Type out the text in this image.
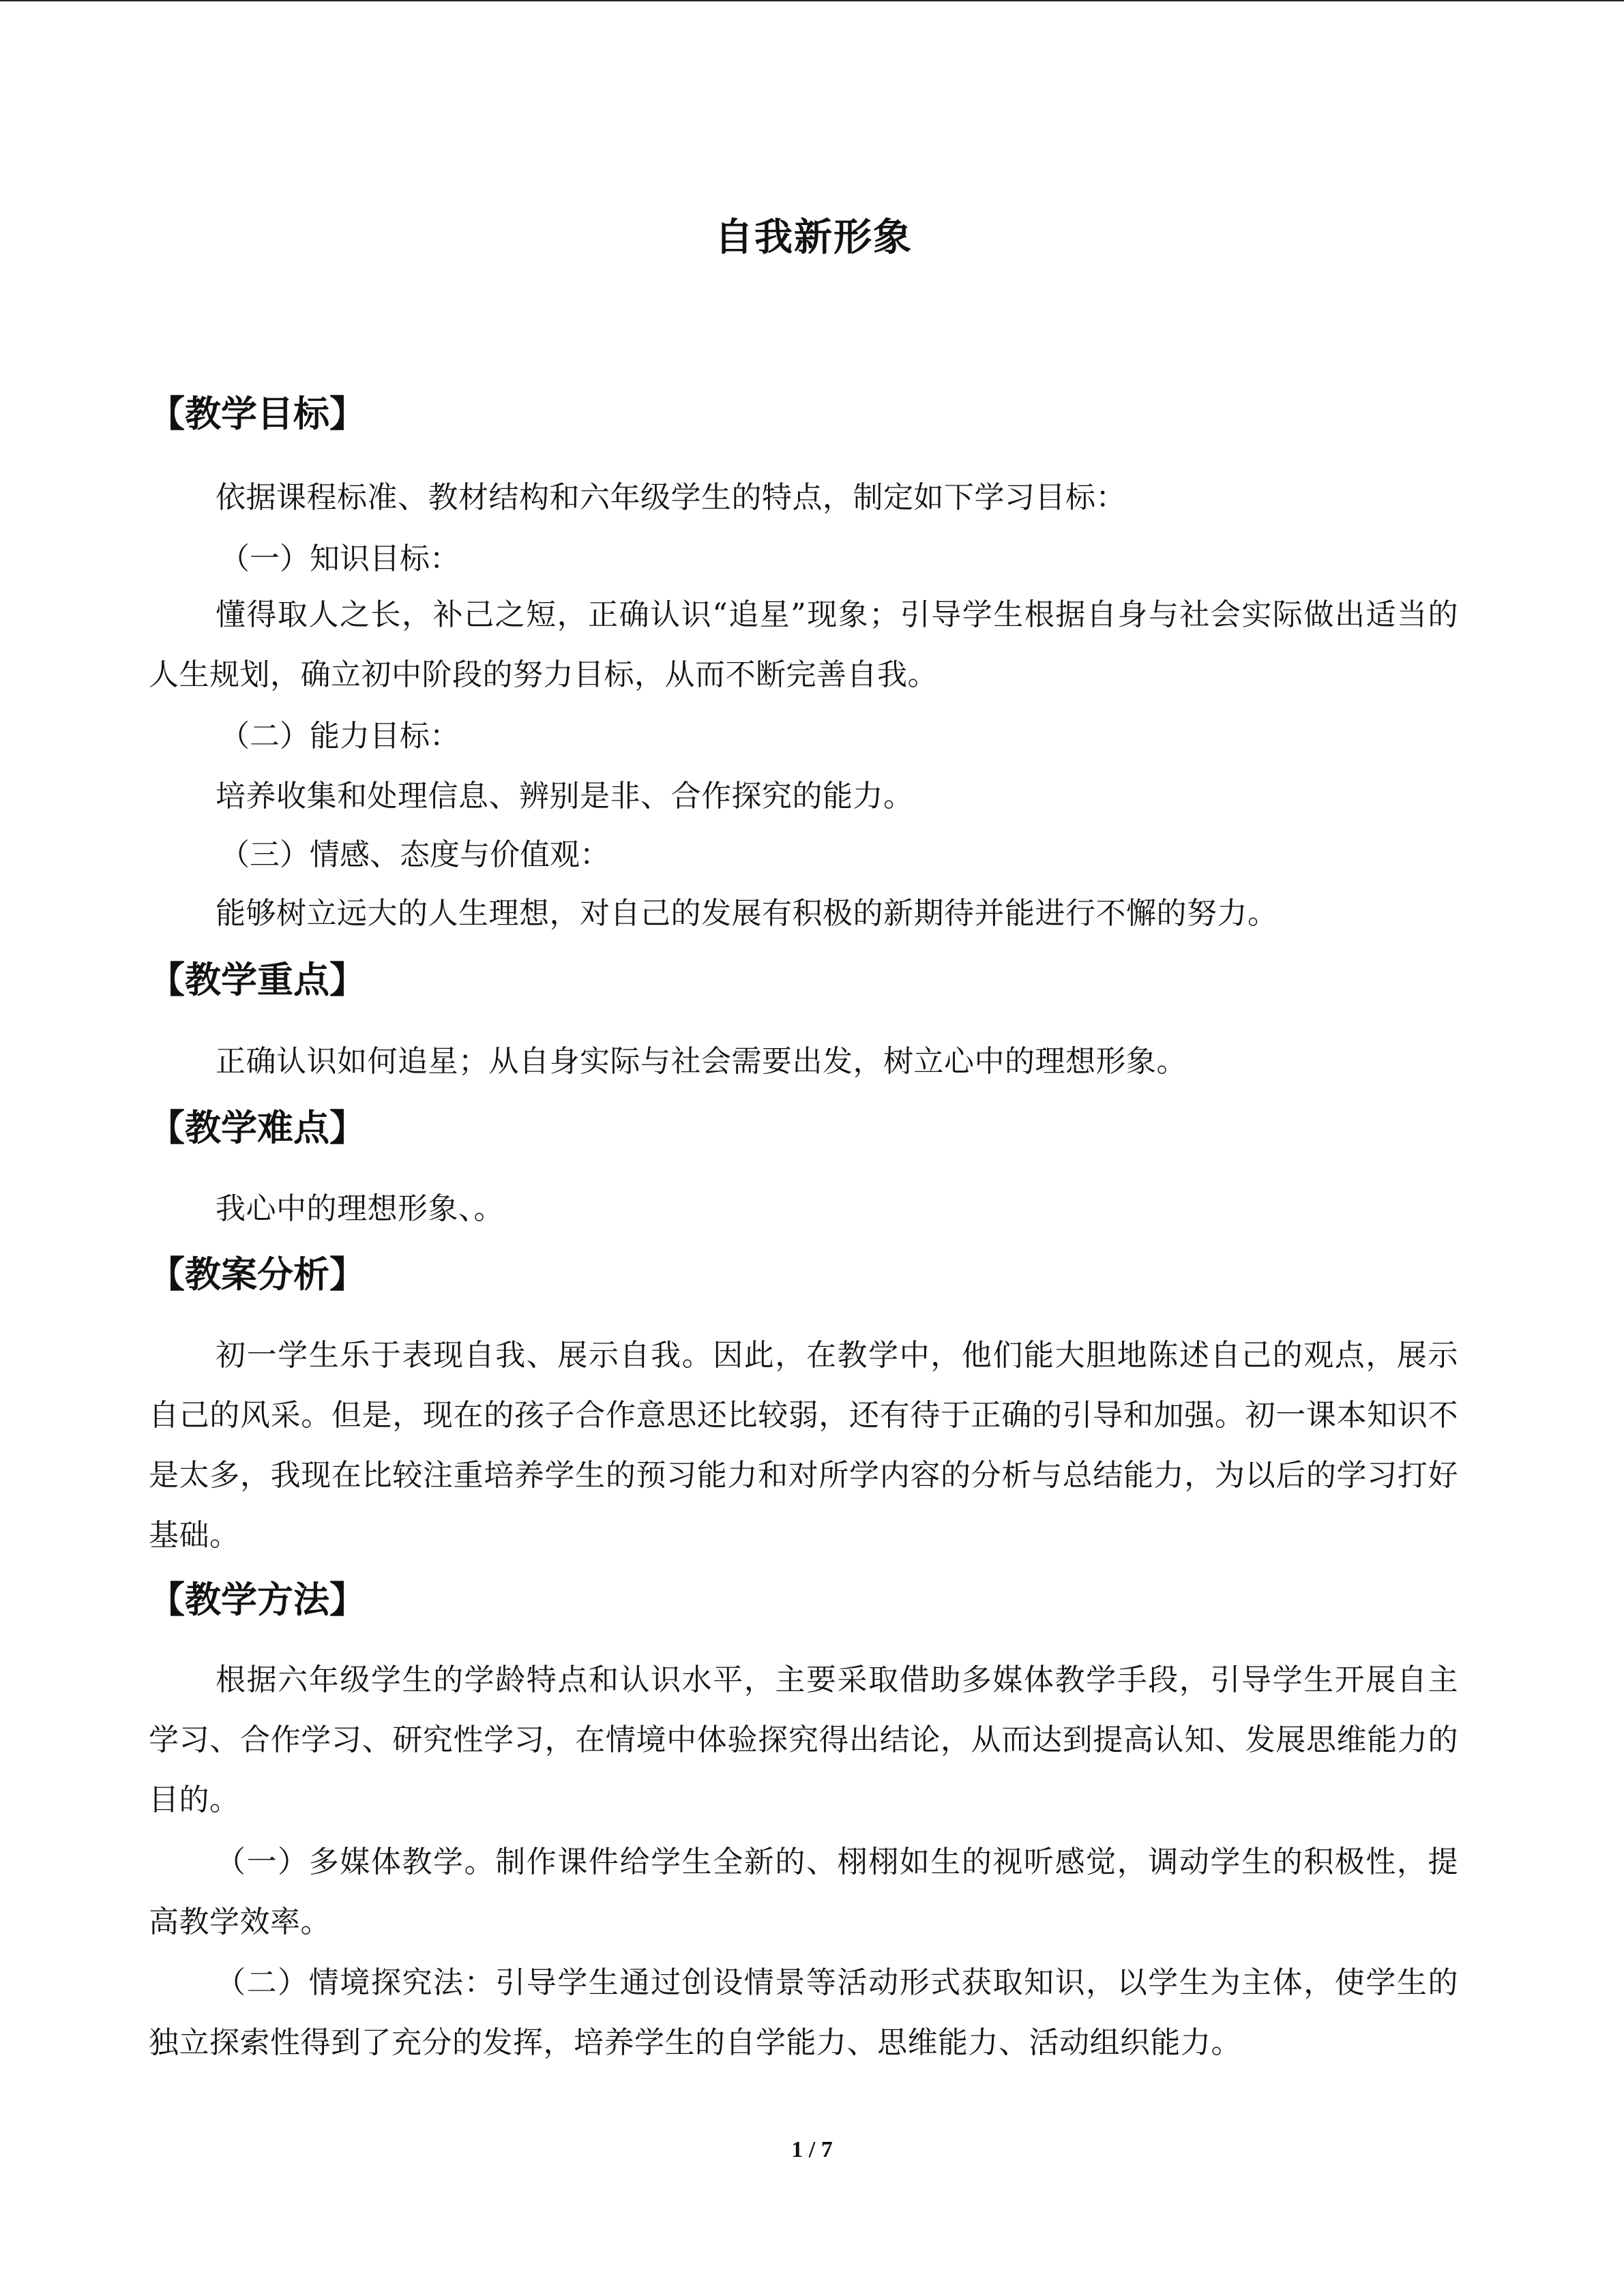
自我新形象
【教学目标】
依据课程标准、教材结构和六年级学生的特点，制定如下学习目标：
（一）知识目标：
懂得取人之长，补己之短，正确认识“追星”现象；引导学生根据自身与社会实际做出适当的人生规划，确立初中阶段的努力目标，从而不断完善自我。
（二）能力目标：
培养收集和处理信息、辨别是非、合作探究的能力。
（三）情感、态度与价值观：
能够树立远大的人生理想，对自己的发展有积极的新期待并能进行不懈的努力。
【教学重点】
正确认识如何追星；从自身实际与社会需要出发，树立心中的理想形象。
【教学难点】
我心中的理想形象、。
【教案分析】
初一学生乐于表现自我、展示自我。因此，在教学中，他们能大胆地陈述自己的观点，展示自己的风采。但是，现在的孩子合作意思还比较弱，还有待于正确的引导和加强。初一课本知识不是太多，我现在比较注重培养学生的预习能力和对所学内容的分析与总结能力，为以后的学习打好基础。
【教学方法】
根据六年级学生的学龄特点和认识水平，主要采取借助多媒体教学手段，引导学生开展自主学习、合作学习、研究性学习，在情境中体验探究得出结论，从而达到提高认知、发展思维能力的目的。
（一）多媒体教学。制作课件给学生全新的、栩栩如生的视听感觉，调动学生的积极性，提高教学效率。
（二）情境探究法：引导学生通过创设情景等活动形式获取知识，以学生为主体，使学生的独立探索性得到了充分的发挥，培养学生的自学能力、思维能力、活动组织能力。
1 / 7
